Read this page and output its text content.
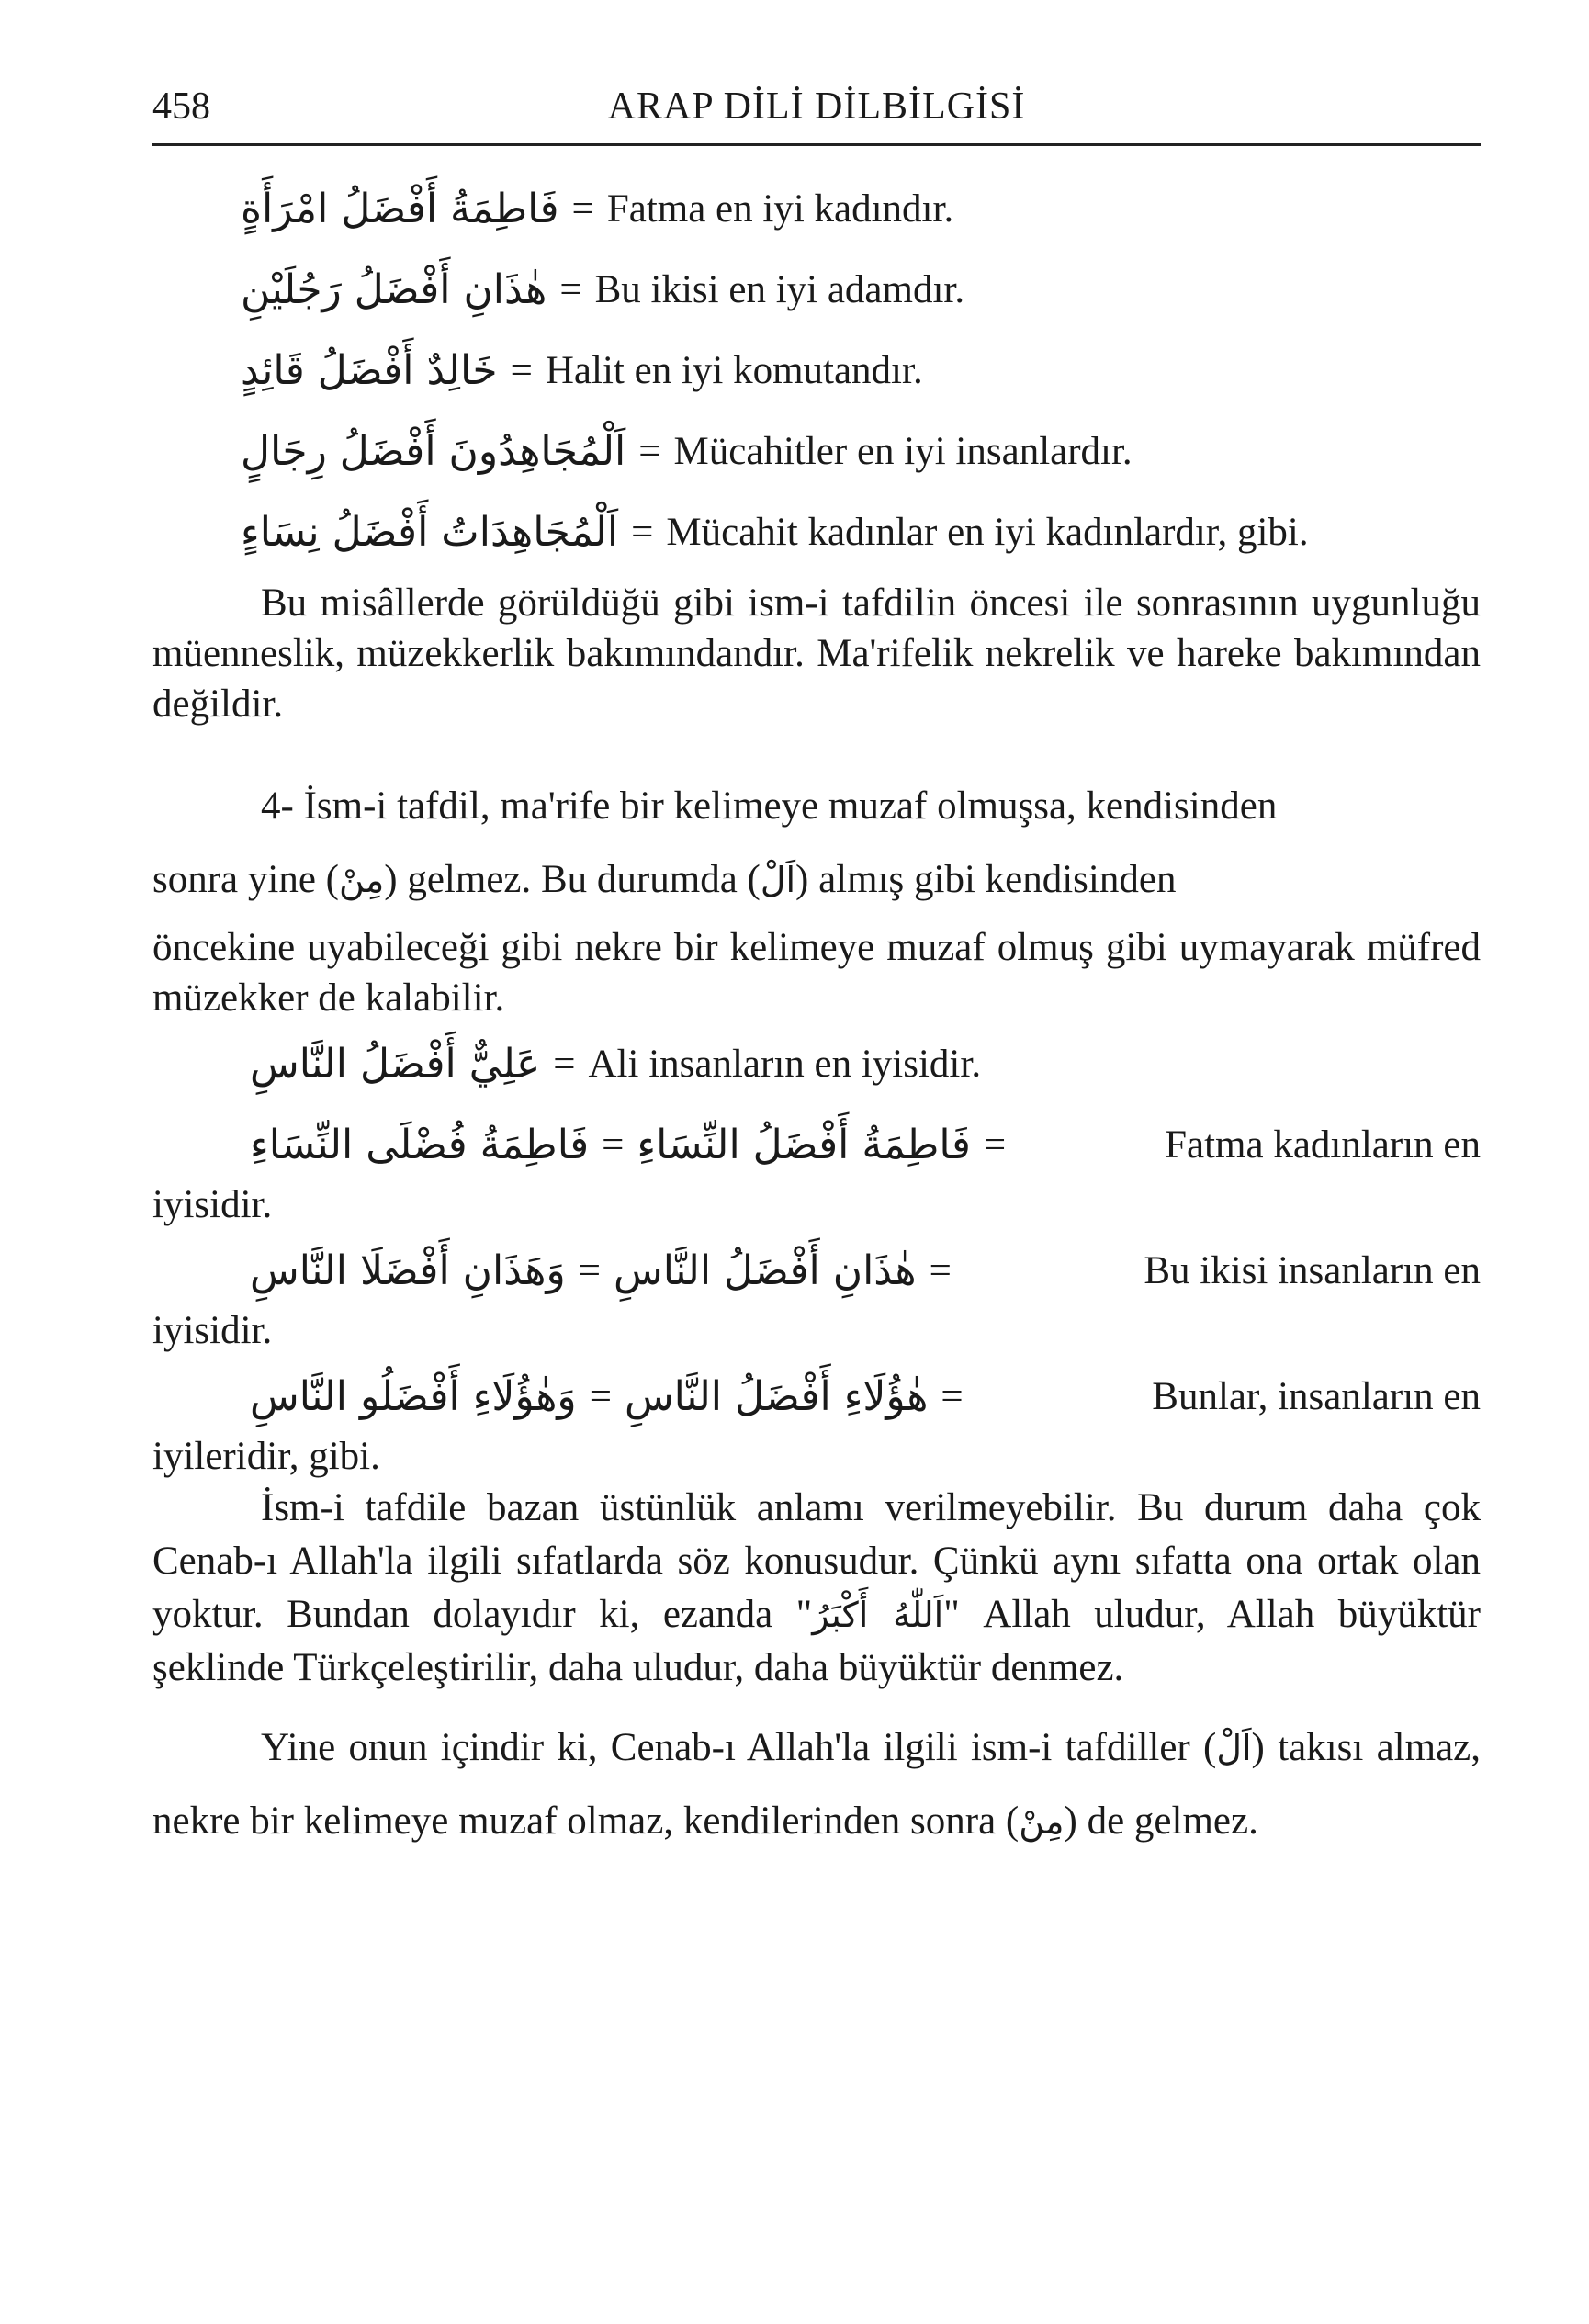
458	ARAP DİLİ DİLBİLGİSİ
فَاطِمَةُ أَفْضَلُ امْرَأَةٍ = Fatma en iyi kadındır.
هٰذَانِ أَفْضَلُ رَجُلَيْنِ = Bu ikisi en iyi adamdır.
خَالِدٌ أَفْضَلُ قَائِدٍ = Halit en iyi komutandır.
اَلْمُجَاهِدُونَ أَفْضَلُ رِجَالٍ = Mücahitler en iyi insanlardır.
اَلْمُجَاهِدَاتُ أَفْضَلُ نِسَاءٍ = Mücahit kadınlar en iyi kadınlardır, gibi.

Bu misâllerde görüldüğü gibi ism-i tafdilin öncesi ile sonrasının uygunluğu müenneslik, müzekkerlik bakımındandır. Ma'rifelik nekrelik ve hareke bakımından değildir.

4- İsm-i tafdil, ma'rife bir kelimeye muzaf olmuşsa, kendisinden
sonra yine (مِنْ) gelmez. Bu durumda (اَلْ) almış gibi kendisinden

öncekine uyabileceği gibi nekre bir kelimeye muzaf olmuş gibi uymayarak müfred müzekker de kalabilir.

عَلِيٌّ أَفْضَلُ النَّاسِ = Ali insanların en iyisidir.
فَاطِمَةُ فُضْلَى النِّسَاءِ = فَاطِمَةُ أَفْضَلُ النِّسَاءِ =	Fatma kadınların en

iyisidir.

وَهَذَانِ أَفْضَلَا النَّاسِ = هٰذَانِ أَفْضَلُ النَّاسِ =	Bu ikisi insanların en

iyisidir.

وَهٰؤُلَاءِ أَفْضَلُو النَّاسِ = هٰؤُلَاءِ أَفْضَلُ النَّاسِ =	Bunlar, insanların en

iyileridir, gibi.

İsm-i tafdile bazan üstünlük anlamı verilmeyebilir. Bu durum daha çok Cenab-ı Allah'la ilgili sıfatlarda söz konusudur. Çünkü aynı sıfatta ona ortak olan yoktur. Bundan dolayıdır ki, ezanda "اَللّٰهُ أَكْبَرُ" Allah uludur, Allah büyüktür şeklinde Türkçeleştirilir, daha uludur, daha büyüktür denmez.

Yine onun içindir ki, Cenab-ı Allah'la ilgili ism-i tafdiller (اَلْ) takısı almaz, nekre bir kelimeye muzaf olmaz, kendilerinden sonra (مِنْ) de gelmez.
